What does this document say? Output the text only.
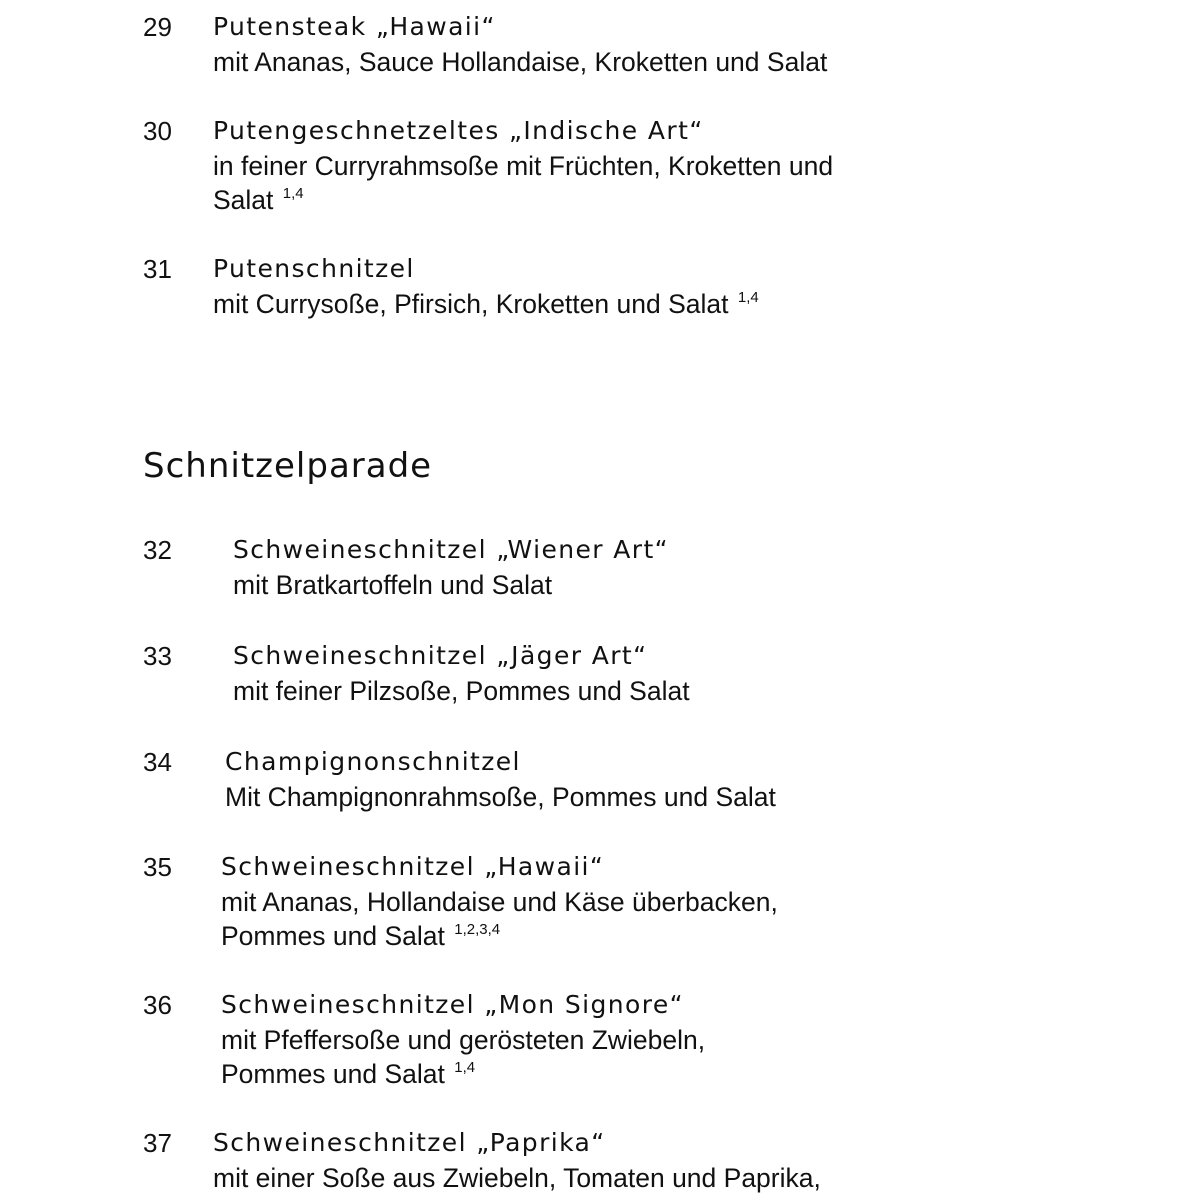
29 Putensteak „Hawaii“
mit Ananas, Sauce Hollandaise, Kroketten und Salat
30 Putengeschnetzeltes „Indische Art“
in feiner Curryrahmsoße mit Früchten, Kroketten und
Salat $^{1,4}$
31 Putenschnitzel
mit Currysoße, Pfirsich, Kroketten und Salat $^{1,4}$
Schnitzelparade
32 Schweineschnitzel „Wiener Art“
mit Bratkartoffeln und Salat
33 Schweineschnitzel „Jäger Art“
mit feiner Pilzsoße, Pommes und Salat
34 Champignonschnitzel
Mit Champignonrahmsoße, Pommes und Salat
35 Schweineschnitzel „Hawaii“
mit Ananas, Hollandaise und Käse überbacken,
Pommes und Salat $^{1,2,3,4}$
36 Schweineschnitzel „Mon Signore“
mit Pfeffersoße und gerösteten Zwiebeln,
Pommes und Salat $^{1,4}$
37 Schweineschnitzel „Paprika“
mit einer Soße aus Zwiebeln, Tomaten und Paprika,
